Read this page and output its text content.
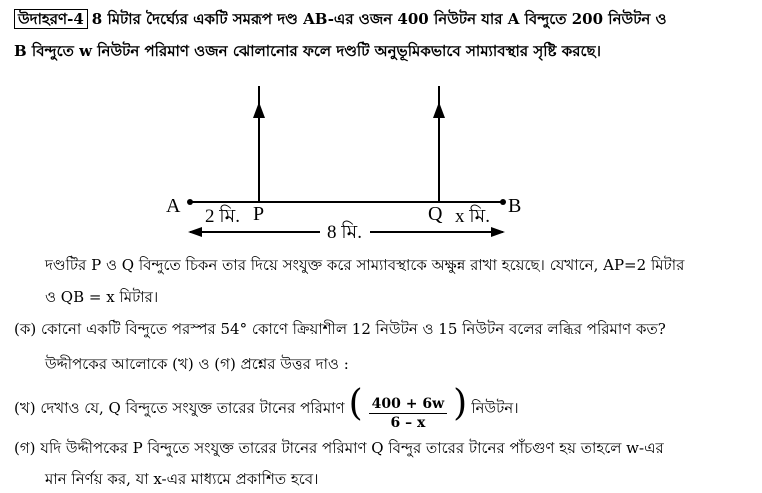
উদাহরণ-4 8 মিটার দৈর্ঘ্যের একটি সমরূপ দণ্ড AB-এর ওজন 400 নিউটন যার A বিন্দুতে 200 নিউটন ও
B বিন্দুতে w নিউটন পরিমাণ ওজন ঝোলানোর ফলে দণ্ডটি অনুভূমিকভাবে সাম্যাবস্থার সৃষ্টি করছে।
A	B
2 মি. P	Q x মি.
8 মি.
দণ্ডটির P ও Q বিন্দুতে চিকন তার দিয়ে সংযুক্ত করে সাম্যাবস্থাকে অক্ষুন্ন রাখা হয়েছে। যেখানে, AP=2 মিটার
ও QB = x মিটার।
(ক) কোনো একটি বিন্দুতে পরস্পর 54° কোণে ক্রিয়াশীল 12 নিউটন ও 15 নিউটন বলের লব্ধির পরিমাণ কত?
উদ্দীপকের আলোকে (খ) ও (গ) প্রশ্নের উত্তর দাও :
(খ) দেখাও যে, Q বিন্দুতে সংযুক্ত তারের টানের পরিমাণ ( $\frac{400 + 6w}{6 - x}$ ) নিউটন।
(গ) যদি উদ্দীপকের P বিন্দুতে সংযুক্ত তারের টানের পরিমাণ Q বিন্দুর তারের টানের পাঁচগুণ হয় তাহলে w-এর
মান নির্ণয় কর, যা x-এর মাধ্যমে প্রকাশিত হবে।
